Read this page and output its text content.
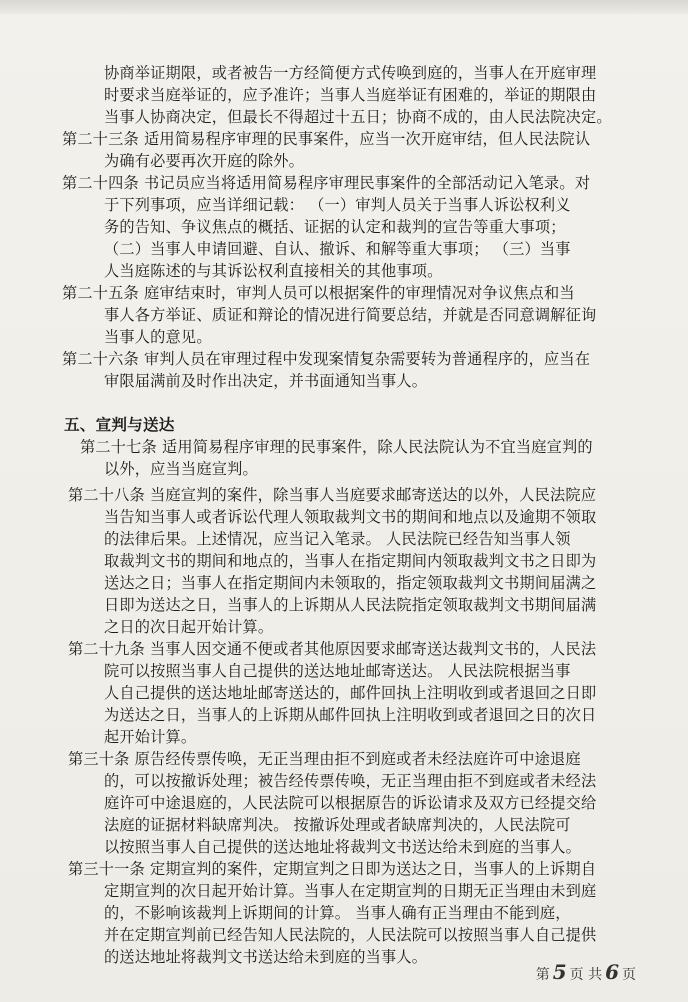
协商举证期限，或者被告一方经简便方式传唤到庭的，当事人在开庭审理
时要求当庭举证的，应予准许；当事人当庭举证有困难的，举证的期限由
当事人协商决定，但最长不得超过十五日；协商不成的，由人民法院决定。
第二十三条 适用简易程序审理的民事案件，应当一次开庭审结，但人民法院认
为确有必要再次开庭的除外。
第二十四条 书记员应当将适用简易程序审理民事案件的全部活动记入笔录。对
于下列事项，应当详细记载： （一）审判人员关于当事人诉讼权利义
务的告知、争议焦点的概括、证据的认定和裁判的宣告等重大事项；
（二）当事人申请回避、自认、撤诉、和解等重大事项； （三）当事
人当庭陈述的与其诉讼权利直接相关的其他事项。
第二十五条 庭审结束时，审判人员可以根据案件的审理情况对争议焦点和当
事人各方举证、质证和辩论的情况进行简要总结，并就是否同意调解征询
当事人的意见。
第二十六条 审判人员在审理过程中发现案情复杂需要转为普通程序的，应当在
审限届满前及时作出决定，并书面通知当事人。
五、宣判与送达
第二十七条 适用简易程序审理的民事案件，除人民法院认为不宜当庭宣判的
以外，应当当庭宣判。
第二十八条 当庭宣判的案件，除当事人当庭要求邮寄送达的以外，人民法院应
当告知当事人或者诉讼代理人领取裁判文书的期间和地点以及逾期不领取
的法律后果。上述情况，应当记入笔录。 人民法院已经告知当事人领
取裁判文书的期间和地点的，当事人在指定期间内领取裁判文书之日即为
送达之日；当事人在指定期间内未领取的，指定领取裁判文书期间届满之
日即为送达之日，当事人的上诉期从人民法院指定领取裁判文书期间届满
之日的次日起开始计算。
第二十九条 当事人因交通不便或者其他原因要求邮寄送达裁判文书的，人民法
院可以按照当事人自己提供的送达地址邮寄送达。 人民法院根据当事
人自己提供的送达地址邮寄送达的，邮件回执上注明收到或者退回之日即
为送达之日，当事人的上诉期从邮件回执上注明收到或者退回之日的次日
起开始计算。
第三十条 原告经传票传唤，无正当理由拒不到庭或者未经法庭许可中途退庭
的，可以按撤诉处理；被告经传票传唤，无正当理由拒不到庭或者未经法
庭许可中途退庭的，人民法院可以根据原告的诉讼请求及双方已经提交给
法庭的证据材料缺席判决。 按撤诉处理或者缺席判决的，人民法院可
以按照当事人自己提供的送达地址将裁判文书送达给未到庭的当事人。
第三十一条 定期宣判的案件，定期宣判之日即为送达之日，当事人的上诉期自
定期宣判的次日起开始计算。当事人在定期宣判的日期无正当理由未到庭
的，不影响该裁判上诉期间的计算。 当事人确有正当理由不能到庭，
并在定期宣判前已经告知人民法院的，人民法院可以按照当事人自己提供
的送达地址将裁判文书送达给未到庭的当事人。
第 5 页 共 6 页
